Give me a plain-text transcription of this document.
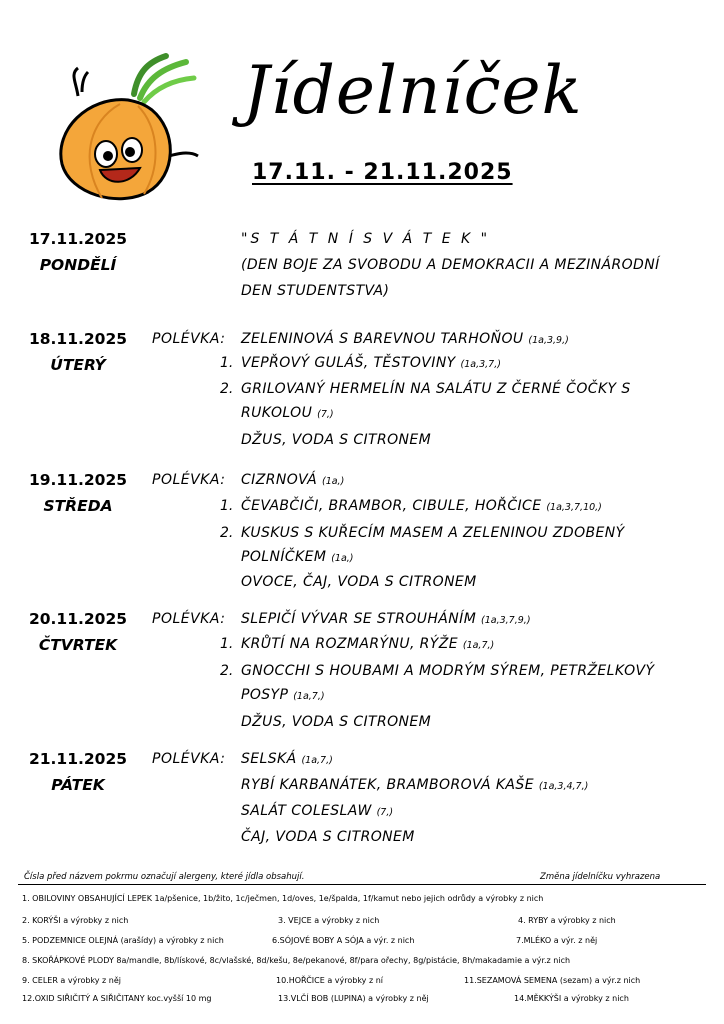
Jídelníček
17.11. - 21.11.2025
17.11.2025
PONDĚLÍ
"S T Á T N Í S V Á T E K "
(DEN BOJE ZA SVOBODU A DEMOKRACII A MEZINÁRODNÍ
DEN STUDENTSTVA)
18.11.2025
ÚTERÝ
POLÉVKA: ZELENINOVÁ S BAREVNOU TARHOŇOU (1a,3,9,)
1. VEPŘOVÝ GULÁŠ, TĚSTOVINY (1a,3,7,)
2. GRILOVANÝ HERMELÍN NA SALÁTU Z ČERNÉ ČOČKY S
RUKOLOU (7,)
DŽUS, VODA S CITRONEM
19.11.2025
STŘEDA
POLÉVKA: CIZRNOVÁ (1a,)
1. ČEVABČIČI, BRAMBOR, CIBULE, HOŘČICE (1a,3,7,10,)
2. KUSKUS S KUŘECÍM MASEM A ZELENINOU ZDOBENÝ
POLNÍČKEM (1a,)
OVOCE, ČAJ, VODA S CITRONEM
20.11.2025
ČTVRTEK
POLÉVKA: SLEPIČÍ VÝVAR SE STROUHÁNÍM (1a,3,7,9,)
1. KRŮTÍ NA ROZMARÝNU, RÝŽE (1a,7,)
2. GNOCCHI S HOUBAMI A MODRÝM SÝREM, PETRŽELKOVÝ
POSYP (1a,7,)
DŽUS, VODA S CITRONEM
21.11.2025
PÁTEK
POLÉVKA: SELSKÁ (1a,7,)
RYBÍ KARBANÁTEK, BRAMBOROVÁ KAŠE (1a,3,4,7,)
SALÁT COLESLAW (7,)
ČAJ, VODA S CITRONEM
Čísla před názvem pokrmu označují alergeny, které jídla obsahují.	Změna jídelníčku vyhrazena
1. OBILOVINY OBSAHUJÍCÍ LEPEK 1a/pšenice, 1b/žito, 1c/ječmen, 1d/oves, 1e/špalda, 1f/kamut nebo jejich odrůdy a výrobky z nich
2. KORÝŠI a výrobky z nich	3. VEJCE a výrobky z nich	4. RYBY a výrobky z nich
5. PODZEMNICE OLEJNÁ (arašídy) a výrobky z nich	6.SÓJOVÉ BOBY A SÓJA a výr. z nich	7.MLÉKO a výr. z něj
8. SKOŘÁPKOVÉ PLODY 8a/mandle, 8b/lískové, 8c/vlašské, 8d/kešu, 8e/pekanové, 8f/para ořechy, 8g/pistácie, 8h/makadamie a výr.z nich
9. CELER a výrobky z něj	10.HOŘČICE a výrobky z ní	11.SEZAMOVÁ SEMENA (sezam) a výr.z nich
12.OXID SIŘIČITÝ A SIŘIČITANY koc.vyšší 10 mg	13.VLČÍ BOB (LUPINA) a výrobky z něj	14.MĚKKÝŠI a výrobky z nich
